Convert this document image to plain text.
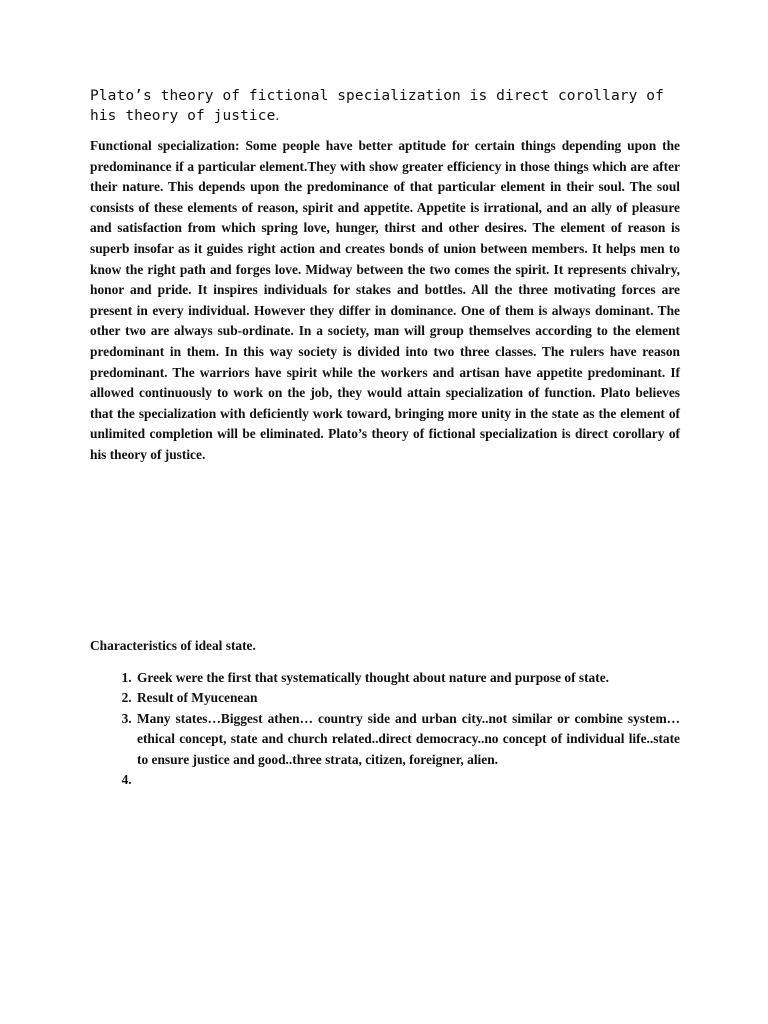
Plato’s theory of fictional specialization is direct corollary of his theory of justice.

Functional specialization: Some people have better aptitude for certain things depending upon the predominance if a particular element.They with show greater efficiency in those things which are after their nature. This depends upon the predominance of that particular element in their soul. The soul consists of these elements of reason, spirit and appetite. Appetite is irrational, and an ally of pleasure and satisfaction from which spring love, hunger, thirst and other desires. The element of reason is superb insofar as it guides right action and creates bonds of union between members. It helps men to know the right path and forges love. Midway between the two comes the spirit. It represents chivalry, honor and pride. It inspires individuals for stakes and bottles. All the three motivating forces are present in every individual. However they differ in dominance. One of them is always dominant. The other two are always sub-ordinate. In a society, man will group themselves according to the element predominant in them. In this way society is divided into two three classes. The rulers have reason predominant. The warriors have spirit while the workers and artisan have appetite predominant. If allowed continuously to work on the job, they would attain specialization of function. Plato believes that the specialization with deficiently work toward, bringing more unity in the state as the element of unlimited completion will be eliminated. Plato’s theory of fictional specialization is direct corollary of his theory of justice.

Characteristics of ideal state.

1. Greek were the first that systematically thought about nature and purpose of state.
2. Result of Myucenean
3. Many states…Biggest athen… country side and urban city..not similar or combine system…ethical concept, state and church related..direct democracy..no concept of individual life..state to ensure justice and good..three strata, citizen, foreigner, alien.
4.
